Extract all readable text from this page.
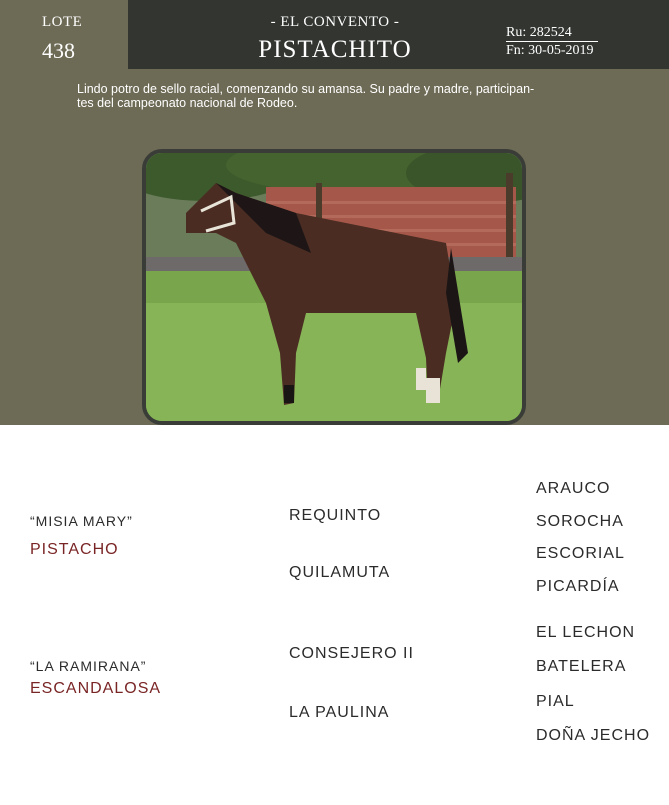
LOTE
438
- EL CONVENTO -
PISTACHITO
Ru: 282524
Fn: 30-05-2019
Lindo potro de sello racial, comenzando su amansa. Su padre y madre, participan-
tes del campeonato nacional de Rodeo.
“MISIA MARY”
PISTACHO
“LA RAMIRANA”
ESCANDALOSA
REQUINTO
QUILAMUTA
CONSEJERO II
LA PAULINA
ARAUCO
SOROCHA
ESCORIAL
PICARDÍA
EL LECHON
BATELERA
PIAL
DOÑA JECHO
